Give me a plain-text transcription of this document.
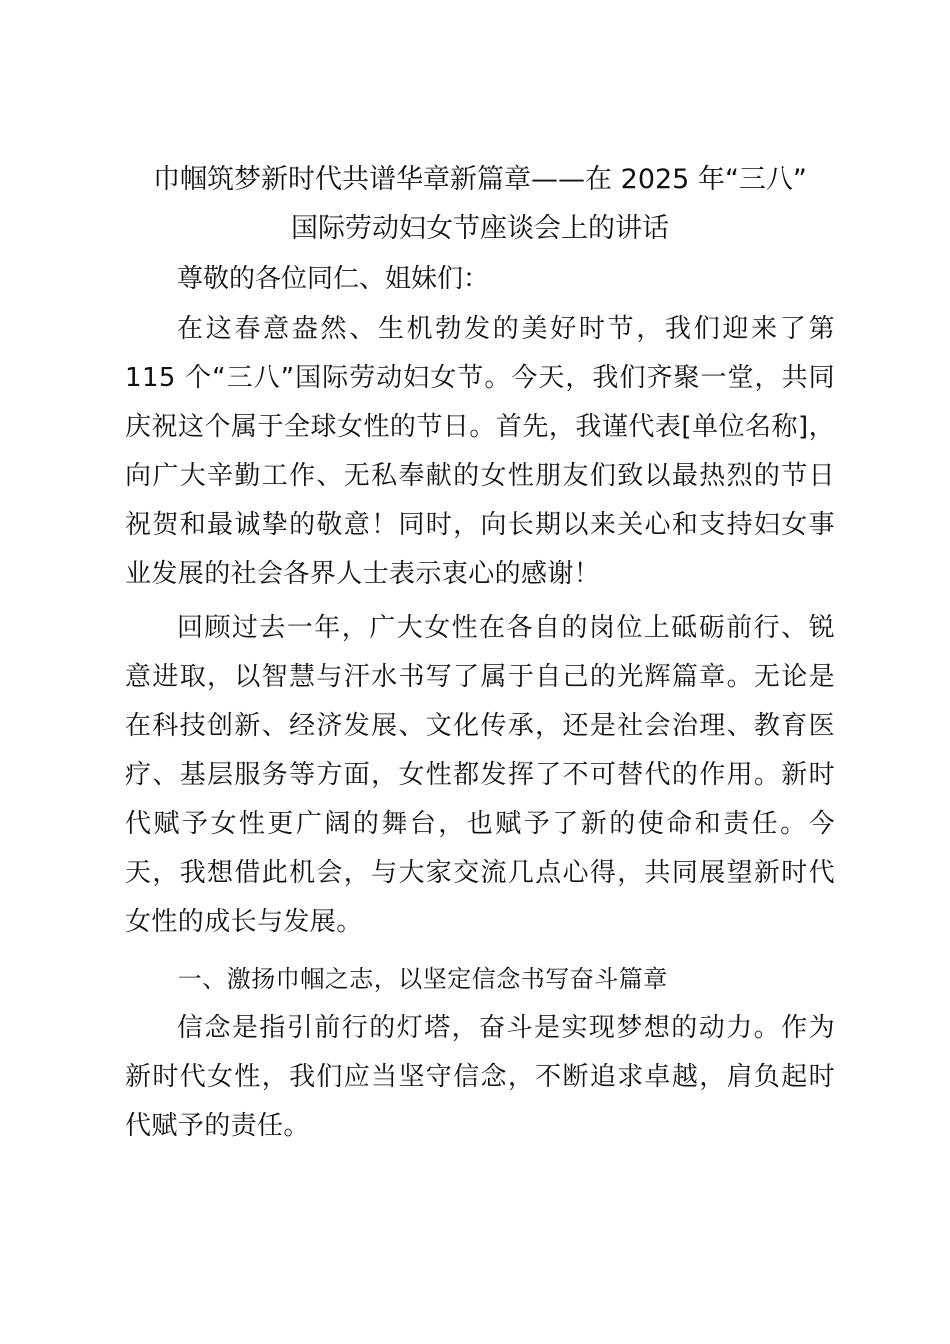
巾帼筑梦新时代共谱华章新篇章——在 2025 年“三八”
国际劳动妇女节座谈会上的讲话

尊敬的各位同仁、姐妹们：

在这春意盎然、生机勃发的美好时节，我们迎来了第 115 个“三八”国际劳动妇女节。今天，我们齐聚一堂，共同庆祝这个属于全球女性的节日。首先，我谨代表[单位名称]，向广大辛勤工作、无私奉献的女性朋友们致以最热烈的节日祝贺和最诚挚的敬意！同时，向长期以来关心和支持妇女事业发展的社会各界人士表示衷心的感谢！

回顾过去一年，广大女性在各自的岗位上砥砺前行、锐意进取，以智慧与汗水书写了属于自己的光辉篇章。无论是在科技创新、经济发展、文化传承，还是社会治理、教育医疗、基层服务等方面，女性都发挥了不可替代的作用。新时代赋予女性更广阔的舞台，也赋予了新的使命和责任。今天，我想借此机会，与大家交流几点心得，共同展望新时代女性的成长与发展。

一、激扬巾帼之志，以坚定信念书写奋斗篇章

信念是指引前行的灯塔，奋斗是实现梦想的动力。作为新时代女性，我们应当坚守信念，不断追求卓越，肩负起时代赋予的责任。
